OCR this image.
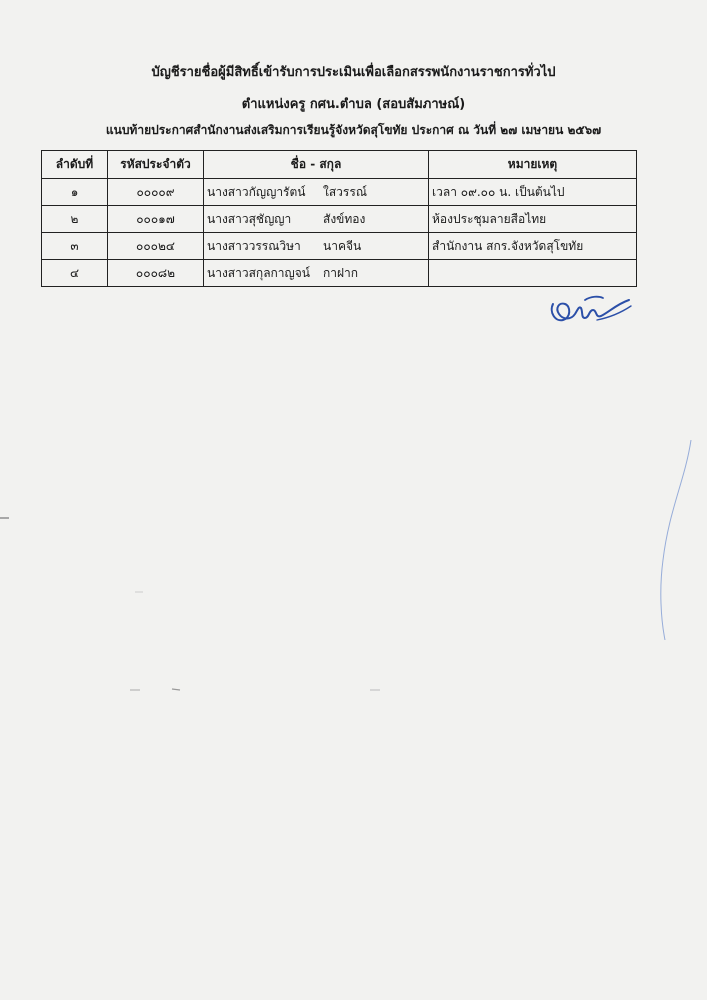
บัญชีรายชื่อผู้มีสิทธิ์เข้ารับการประเมินเพื่อเลือกสรรพนักงานราชการทั่วไป

ตำแหน่งครู กศน.ตำบล (สอบสัมภาษณ์)

แนบท้ายประกาศสำนักงานส่งเสริมการเรียนรู้จังหวัดสุโขทัย ประกาศ ณ วันที่ ๒๗ เมษายน ๒๕๖๗

ลำดับที่	รหัสประจำตัว	ชื่อ - สกุล	หมายเหตุ
๑	๐๐๐๐๙	นางสาวกัญญารัตน์ ใสวรรณ์	เวลา ๐๙.๐๐ น. เป็นต้นไป
๒	๐๐๐๑๗	นางสาวสุชัญญา สังข์ทอง	ห้องประชุมลายสือไทย
๓	๐๐๐๒๔	นางสาววรรณวิษา นาคจีน	สำนักงาน สกร.จังหวัดสุโขทัย
๔	๐๐๐๘๒	นางสาวสกุลกาญจน์ กาฝาก	
